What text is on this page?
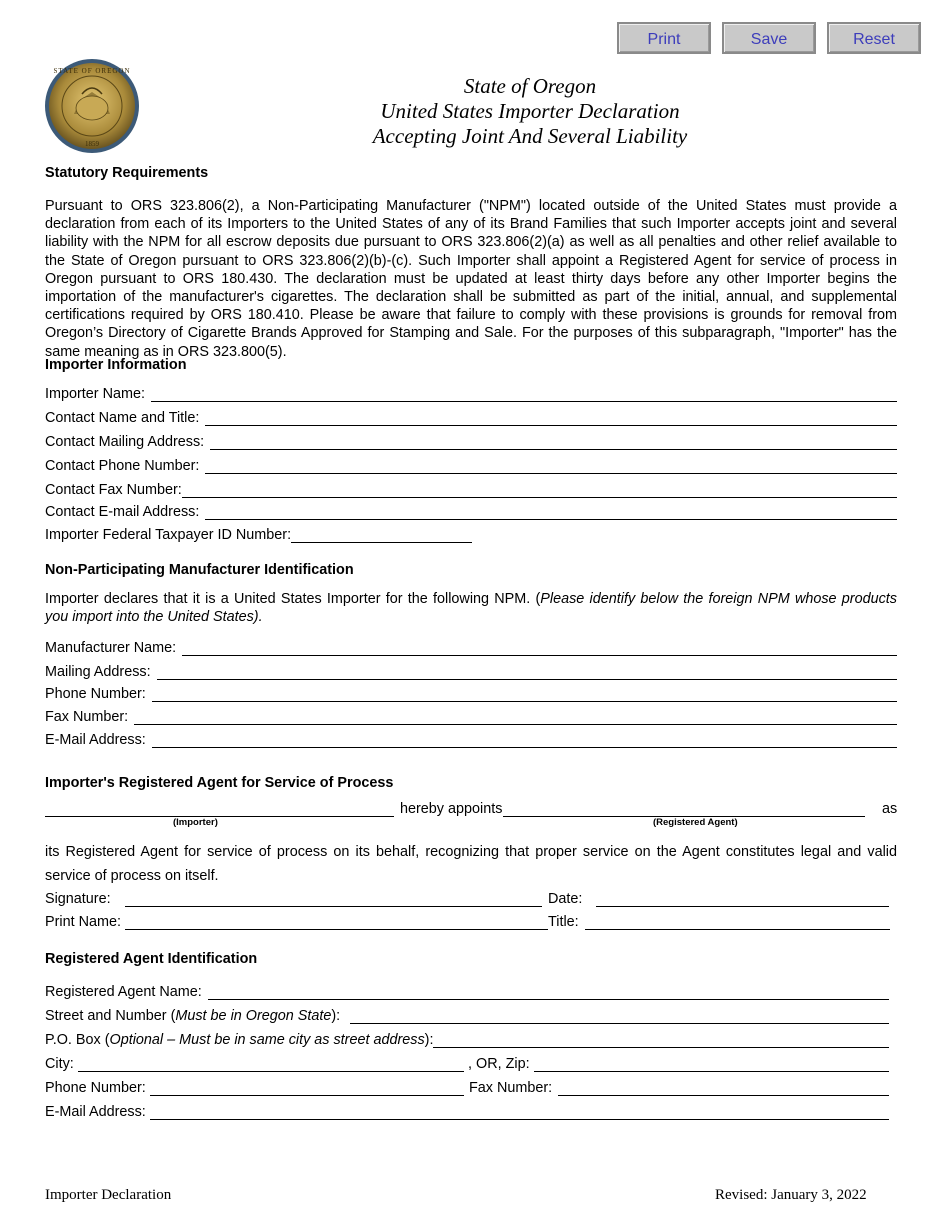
Print	Save	Reset
STATE OF OREGON
1859
State of Oregon
United States Importer Declaration
Accepting Joint And Several Liability
Statutory Requirements
Pursuant to ORS 323.806(2), a Non-Participating Manufacturer ("NPM") located outside of the United States must provide a declaration from each of its Importers to the United States of any of its Brand Families that such Importer accepts joint and several liability with the NPM for all escrow deposits due pursuant to ORS 323.806(2)(a) as well as all penalties and other relief available to the State of Oregon pursuant to ORS 323.806(2)(b)-(c). Such Importer shall appoint a Registered Agent for service of process in Oregon pursuant to ORS 180.430. The declaration must be updated at least thirty days before any other Importer begins the importation of the manufacturer's cigarettes. The declaration shall be submitted as part of the initial, annual, and supplemental certifications required by ORS 180.410. Please be aware that failure to comply with these provisions is grounds for removal from Oregon’s Directory of Cigarette Brands Approved for Stamping and Sale. For the purposes of this subparagraph, "Importer" has the same meaning as in ORS 323.800(5).
Importer Information
Importer Name:
Contact Name and Title:
Contact Mailing Address:
Contact Phone Number:
Contact Fax Number:
Contact E-mail Address:
Importer Federal Taxpayer ID Number:
Non-Participating Manufacturer Identification
Importer declares that it is a United States Importer for the following NPM. (Please identify below the foreign NPM whose products you import into the United States).
Manufacturer Name:
Mailing Address:
Phone Number:
Fax Number:
E-Mail Address:
Importer's Registered Agent for Service of Process
hereby appoints	as
(Importer)	(Registered Agent)
its Registered Agent for service of process on its behalf, recognizing that proper service on the Agent constitutes legal and valid service of process on itself.
Signature:	Date:
Print Name:	Title:
Registered Agent Identification
Registered Agent Name:
Street and Number (Must be in Oregon State):
P.O. Box (Optional – Must be in same city as street address):
City:	, OR, Zip:
Phone Number:	Fax Number:
E-Mail Address:
Importer Declaration	Revised: January 3, 2022
